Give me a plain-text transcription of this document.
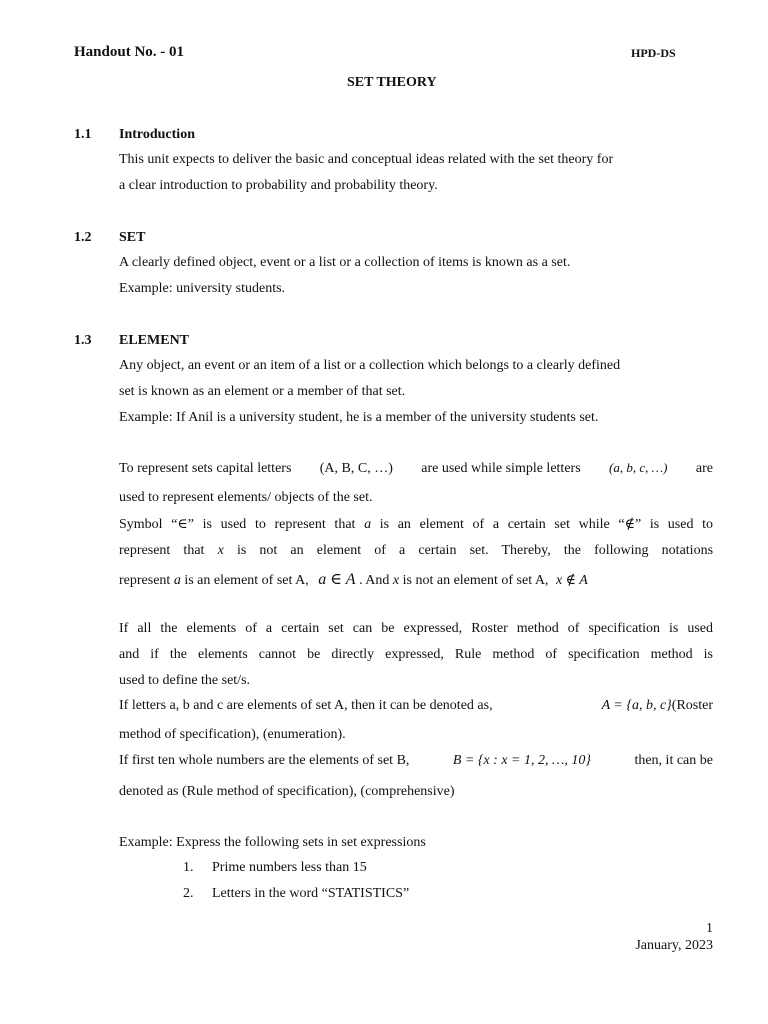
Handout No. - 01	HPD-DS
SET THEORY
1.1 Introduction
This unit expects to deliver the basic and conceptual ideas related with the set theory for
a clear introduction to probability and probability theory.
1.2 SET
A clearly defined object, event or a list or a collection of items is known as a set.
Example: university students.
1.3 ELEMENT
Any object, an event or an item of a list or a collection which belongs to a clearly defined
set is known as an element or a member of that set.
Example: If Anil is a university student, he is a member of the university students set.
To represent sets capital letters (A, B, C, …) are used while simple letters (a, b, c, …) are
used to represent elements/ objects of the set.
Symbol “∈” is used to represent that a is an element of a certain set while “∉” is used to
represent that x is not an element of a certain set. Thereby, the following notations
represent a is an element of set A, a ∈ A . And x is not an element of set A, x ∉ A
If all the elements of a certain set can be expressed, Roster method of specification is used
and if the elements cannot be directly expressed, Rule method of specification method is
used to define the set/s.
If letters a, b and c are elements of set A, then it can be denoted as,	A = {a, b, c}(Roster
method of specification), (enumeration).
If first ten whole numbers are the elements of set B,	B = {x : x = 1, 2, …, 10}	then, it can be
denoted as (Rule method of specification), (comprehensive)
Example: Express the following sets in set expressions
1. Prime numbers less than 15
2. Letters in the word “STATISTICS”
1
January, 2023
